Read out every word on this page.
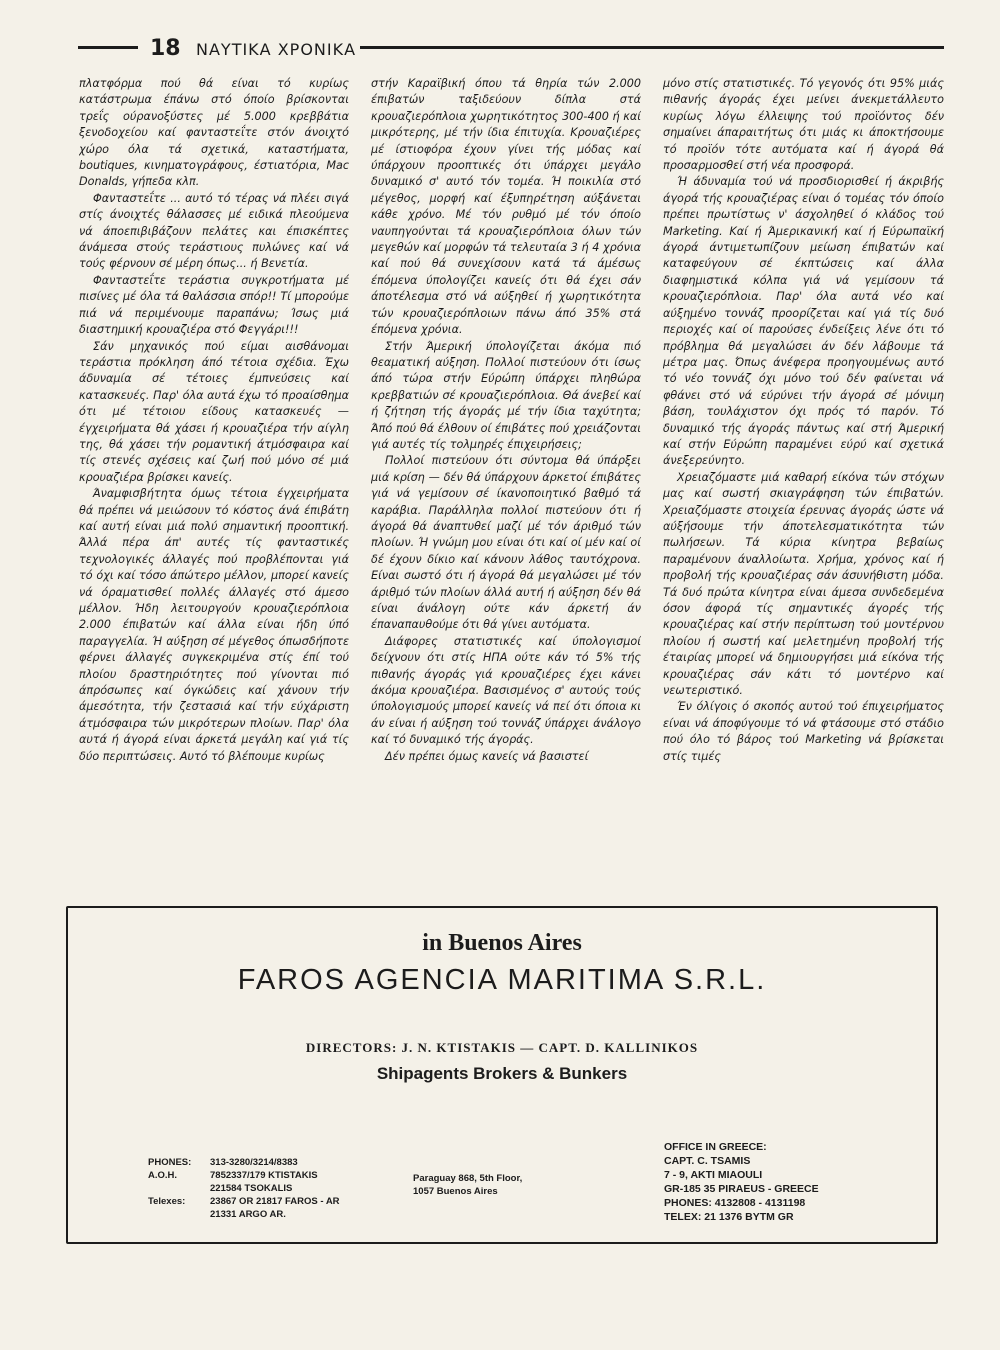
18 ΝΑΥΤΙΚΑ ΧΡΟΝΙΚΑ

πλατφόρμα πού θά είναι τό κυρίως κατάστρωμα έπάνω στό όποίο βρίσκονται τρεΐς ούρανοξύστες μέ 5.000 κρεββάτια ξενοδοχείου καί φανταστεΐτε στόν άνοιχτό χώρο όλα τά σχετικά, καταστήματα, boutiques, κινηματογράφους, έστιατόρια, Mac Donalds, γήπεδα κλπ.

Φανταστεΐτε ... αυτό τό τέρας νά πλέει σιγά στίς άνοιχτές θάλασσες μέ ειδικά πλεούμενα νά άποεπιβιβάζουν πελάτες και έπισκέπτες άνάμεσα στούς τεράστιους πυλώνες καί νά τούς φέρνουν σέ μέρη όπως... ή Βενετία.

Φανταστεΐτε τεράστια συγκροτήματα μέ πισίνες μέ όλα τά θαλάσσια σπόρ!! Τί μπορούμε πιά νά περιμένουμε παραπάνω; Ίσως μιά διαστημική κρουαζιέρα στό Φεγγάρι!!!

Σάν μηχανικός πού είμαι αισθάνομαι τεράστια πρόκληση άπό τέτοια σχέδια. Έχω άδυναμία σέ τέτοιες έμπνεύσεις καί κατασκευές. Παρ' όλα αυτά έχω τό προαίσθημα ότι μέ τέτοιου είδους κατασκευές — έγχειρήματα θά χάσει ή κρουαζιέρα τήν αίγλη της, θά χάσει τήν ρομαντική άτμόσφαιρα καί τίς στενές σχέσεις καί ζωή πού μόνο σέ μιά κρουαζιέρα βρίσκει κανείς.

Άναμφισβήτητα όμως τέτοια έγχειρήματα θά πρέπει νά μειώσουν τό κόστος άνά έπιβάτη καί αυτή είναι μιά πολύ σημαντική προοπτική. Άλλά πέρα άπ' αυτές τίς φανταστικές τεχνολογικές άλλαγές πού προβλέπονται γιά τό όχι καί τόσο άπώτερο μέλλον, μπορεί κανείς νά όραματισθεί πολλές άλλαγές στό άμεσο μέλλον. Ήδη λειτουργούν κρουαζιερόπλοια 2.000 έπιβατών καί άλλα είναι ήδη ύπό παραγγελία. Ή αύξηση σέ μέγεθος όπωσδήποτε φέρνει άλλαγές συγκεκριμένα στίς έπί τού πλοίου δραστηριότητες πού γίνονται πιό άπρόσωπες καί όγκώδεις καί χάνουν τήν άμεσότητα, τήν ζεστασιά καί τήν εύχάριστη άτμόσφαιρα τών μικρότερων πλοίων. Παρ' όλα αυτά ή άγορά είναι άρκετά μεγάλη καί γιά τίς δύο περιπτώσεις. Αυτό τό βλέπουμε κυρίως

στήν Καραϊβική όπου τά θηρία τών 2.000 έπιβατών ταξιδεύουν δίπλα στά κρουαζιερόπλοια χωρητικότητος 300-400 ή καί μικρότερης, μέ τήν ίδια έπιτυχία. Κρουαζιέρες μέ ίστιοφόρα έχουν γίνει τής μόδας καί ύπάρχουν προοπτικές ότι ύπάρχει μεγάλο δυναμικό σ' αυτό τόν τομέα. Ή ποικιλία στό μέγεθος, μορφή καί έξυπηρέτηση αύξάνεται κάθε χρόνο. Μέ τόν ρυθμό μέ τόν όποίο ναυπηγούνται τά κρουαζιερόπλοια όλων τών μεγεθών καί μορφών τά τελευταία 3 ή 4 χρόνια καί πού θά συνεχίσουν κατά τά άμέσως έπόμενα ύπολογίζει κανείς ότι θά έχει σάν άποτέλεσμα στό νά αύξηθεί ή χωρητικότητα τών κρουαζιερόπλοιων πάνω άπό 35% στά έπόμενα χρόνια.

Στήν Άμερική ύπολογίζεται άκόμα πιό θεαματική αύξηση. Πολλοί πιστεύουν ότι ίσως άπό τώρα στήν Εύρώπη ύπάρχει πληθώρα κρεββατιών σέ κρουαζιερόπλοια. Θά άνεβεί καί ή ζήτηση τής άγοράς μέ τήν ίδια ταχύτητα; Άπό πού θά έλθουν οί έπιβάτες πού χρειάζονται γιά αυτές τίς τολμηρές έπιχειρήσεις;

Πολλοί πιστεύουν ότι σύντομα θά ύπάρξει μιά κρίση — δέν θά ύπάρχουν άρκετοί έπιβάτες γιά νά γεμίσουν σέ ίκανοποιητικό βαθμό τά καράβια. Παράλληλα πολλοί πιστεύουν ότι ή άγορά θά άναπτυθεί μαζί μέ τόν άριθμό τών πλοίων. Ή γνώμη μου είναι ότι καί οί μέν καί οί δέ έχουν δίκιο καί κάνουν λάθος ταυτόχρονα. Είναι σωστό ότι ή άγορά θά μεγαλώσει μέ τόν άριθμό τών πλοίων άλλά αυτή ή αύξηση δέν θά είναι άνάλογη ούτε κάν άρκετή άν έπαναπαυθούμε ότι θά γίνει αυτόματα.

Διάφορες στατιστικές καί ύπολογισμοί δείχνουν ότι στίς ΗΠΑ ούτε κάν τό 5% τής πιθανής άγοράς γιά κρουαζιέρες έχει κάνει άκόμα κρουαζιέρα. Βασισμένος σ' αυτούς τούς ύπολογισμούς μπορεί κανείς νά πεί ότι όποια κι άν είναι ή αύξηση τού τοννάζ ύπάρχει άνάλογο καί τό δυναμικό τής άγοράς.

Δέν πρέπει όμως κανείς νά βασιστεί

μόνο στίς στατιστικές. Τό γεγονός ότι 95% μιάς πιθανής άγοράς έχει μείνει άνεκμετάλλευτο κυρίως λόγω έλλειψης τού προϊόντος δέν σημαίνει άπαραιτήτως ότι μιάς κι άποκτήσουμε τό προϊόν τότε αυτόματα καί ή άγορά θά προσαρμοσθεί στή νέα προσφορά.

Ή άδυναμία τού νά προσδιορισθεί ή άκριβής άγορά τής κρουαζιέρας είναι ό τομέας τόν όποίο πρέπει πρωτίστως ν' άσχοληθεί ό κλάδος τού Marketing. Καί ή Άμερικανική καί ή Εύρωπαϊκή άγορά άντιμετωπίζουν μείωση έπιβατών καί καταφεύγουν σέ έκπτώσεις καί άλλα διαφημιστικά κόλπα γιά νά γεμίσουν τά κρουαζιερόπλοια. Παρ' όλα αυτά νέο καί αύξημένο τοννάζ προορίζεται καί γιά τίς δυό περιοχές καί οί παρούσες ένδείξεις λένε ότι τό πρόβλημα θά μεγαλώσει άν δέν λάβουμε τά μέτρα μας. Όπως άνέφερα προηγουμένως αυτό τό νέο τοννάζ όχι μόνο τού δέν φαίνεται νά φθάνει στό νά εύρύνει τήν άγορά σέ μόνιμη βάση, τουλάχιστον όχι πρός τό παρόν. Τό δυναμικό τής άγοράς πάντως καί στή Άμερική καί στήν Εύρώπη παραμένει εύρύ καί σχετικά άνεξερεύνητο.

Χρειαζόμαστε μιά καθαρή είκόνα τών στόχων μας καί σωστή σκιαγράφηση τών έπιβατών. Χρειαζόμαστε στοιχεία έρευνας άγοράς ώστε νά αύξήσουμε τήν άποτελεσματικότητα τών πωλήσεων. Τά κύρια κίνητρα βεβαίως παραμένουν άναλλοίωτα. Χρήμα, χρόνος καί ή προβολή τής κρουαζιέρας σάν άσυνήθιστη μόδα. Τά δυό πρώτα κίνητρα είναι άμεσα συνδεδεμένα όσον άφορά τίς σημαντικές άγορές τής κρουαζιέρας καί στήν περίπτωση τού μοντέρνου πλοίου ή σωστή καί μελετημένη προβολή τής έταιρίας μπορεί νά δημιουργήσει μιά είκόνα τής κρουαζιέρας σάν κάτι τό μοντέρνο καί νεωτεριστικό.

Έν όλίγοις ό σκοπός αυτού τού έπιχειρήματος είναι νά άποφύγουμε τό νά φτάσουμε στό στάδιο πού όλο τό βάρος τού Marketing νά βρίσκεται στίς τιμές

in Buenos Aires
FAROS AGENCIA MARITIMA S.R.L.
DIRECTORS: J. N. KTISTAKIS — CAPT. D. KALLINIKOS
Shipagents Brokers & Bunkers
PHONES:	313-3280/3214/8383
A.O.H.	7852337/179 KTISTAKIS
221584 TSOKALIS
Telexes:	23867 OR 21817 FAROS - AR
21331 ARGO AR.
Paraguay 868, 5th Floor,
1057 Buenos Aires
OFFICE IN GREECE:
CAPT. C. TSAMIS
7 - 9, AKTI MIAOULI
GR-185 35 PIRAEUS - GREECE
PHONES: 4132808 - 4131198
TELEX: 21 1376 BYTM GR
